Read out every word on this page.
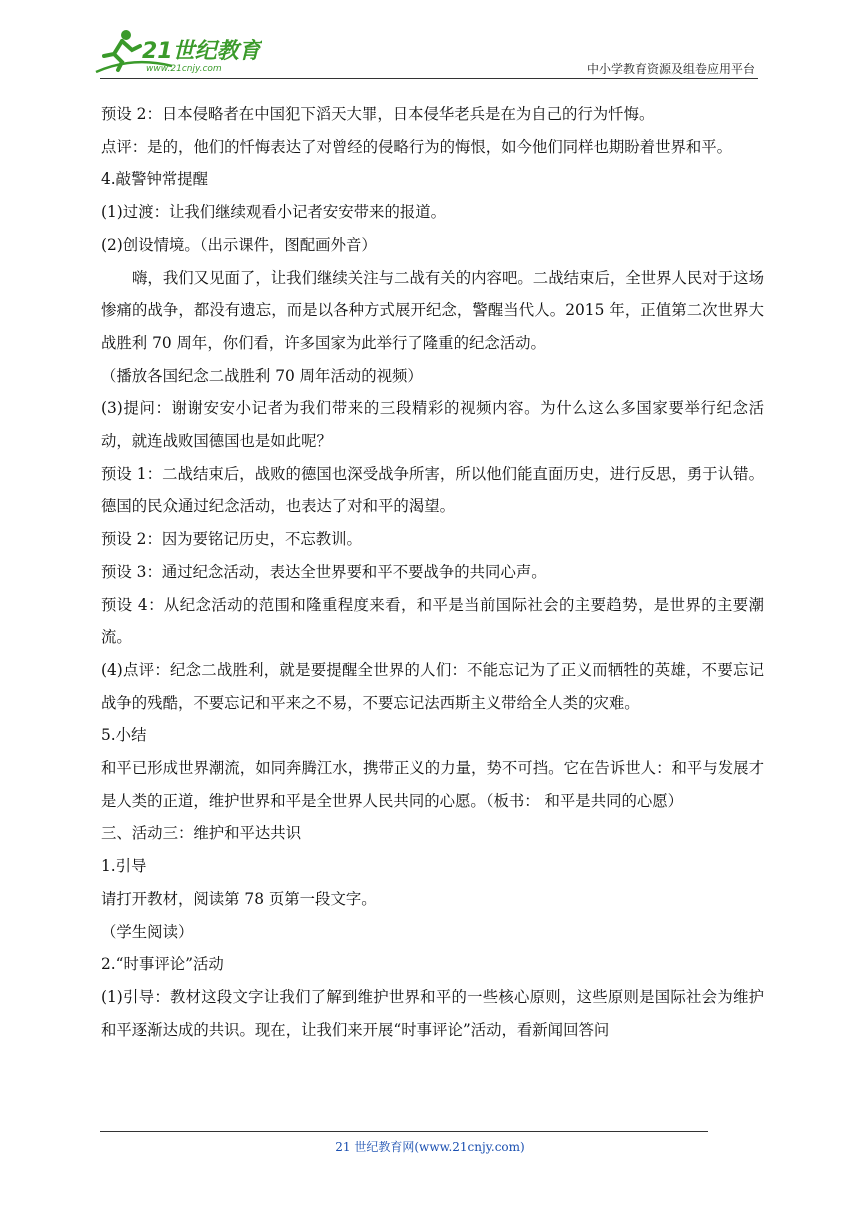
21世纪教育
www.21cnjy.com	中小学教育资源及组卷应用平台

预设 2：日本侵略者在中国犯下滔天大罪，日本侵华老兵是在为自己的行为忏悔。

点评：是的，他们的忏悔表达了对曾经的侵略行为的悔恨，如今他们同样也期盼着世界和平。

4.敲警钟常提醒

(1)过渡：让我们继续观看小记者安安带来的报道。

(2)创设情境。（出示课件，图配画外音）

嗨，我们又见面了，让我们继续关注与二战有关的内容吧。二战结束后，全世界人民对于这场惨痛的战争，都没有遗忘，而是以各种方式展开纪念，警醒当代人。2015 年，正值第二次世界大战胜利 70 周年，你们看，许多国家为此举行了隆重的纪念活动。

（播放各国纪念二战胜利 70 周年活动的视频）

(3)提问：谢谢安安小记者为我们带来的三段精彩的视频内容。为什么这么多国家要举行纪念活动，就连战败国德国也是如此呢？

预设 1：二战结束后，战败的德国也深受战争所害，所以他们能直面历史，进行反思，勇于认错。德国的民众通过纪念活动，也表达了对和平的渴望。

预设 2：因为要铭记历史，不忘教训。

预设 3：通过纪念活动，表达全世界要和平不要战争的共同心声。

预设 4：从纪念活动的范围和隆重程度来看，和平是当前国际社会的主要趋势，是世界的主要潮流。

(4)点评：纪念二战胜利，就是要提醒全世界的人们：不能忘记为了正义而牺牲的英雄，不要忘记战争的残酷，不要忘记和平来之不易，不要忘记法西斯主义带给全人类的灾难。

5.小结

和平已形成世界潮流，如同奔腾江水，携带正义的力量，势不可挡。它在告诉世人：和平与发展才是人类的正道，维护世界和平是全世界人民共同的心愿。（板书： 和平是共同的心愿）

三、活动三：维护和平达共识

1.引导

请打开教材，阅读第 78 页第一段文字。

（学生阅读）

2.“时事评论”活动

(1)引导：教材这段文字让我们了解到维护世界和平的一些核心原则，这些原则是国际社会为维护和平逐渐达成的共识。现在，让我们来开展“时事评论”活动，看新闻回答问

21 世纪教育网(www.21cnjy.com)
